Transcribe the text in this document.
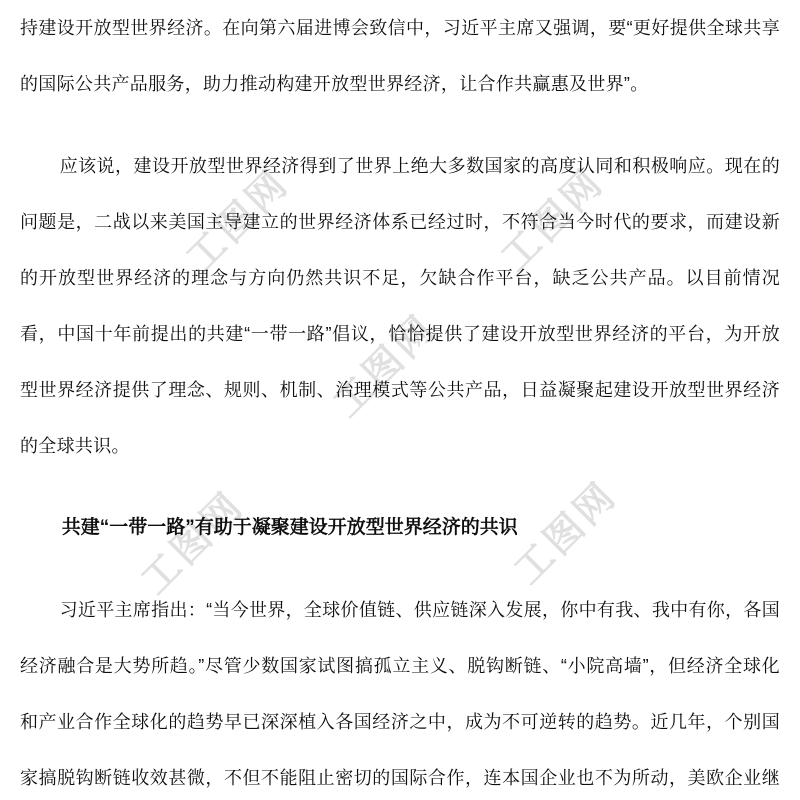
工图网	工图网
工图网
工图网	工图网

持建设开放型世界经济。在向第六届进博会致信中，习近平主席又强调，要“更好提供全球共享的国际公共产品服务，助力推动构建开放型世界经济，让合作共赢惠及世界”。

应该说，建设开放型世界经济得到了世界上绝大多数国家的高度认同和积极响应。现在的问题是，二战以来美国主导建立的世界经济体系已经过时，不符合当今时代的要求，而建设新的开放型世界经济的理念与方向仍然共识不足，欠缺合作平台，缺乏公共产品。以目前情况看，中国十年前提出的共建“一带一路”倡议，恰恰提供了建设开放型世界经济的平台，为开放型世界经济提供了理念、规则、机制、治理模式等公共产品，日益凝聚起建设开放型世界经济的全球共识。

共建“一带一路”有助于凝聚建设开放型世界经济的共识

习近平主席指出：“当今世界，全球价值链、供应链深入发展，你中有我、我中有你，各国经济融合是大势所趋。”尽管少数国家试图搞孤立主义、脱钩断链、“小院高墙”，但经济全球化和产业合作全球化的趋势早已深深植入各国经济之中，成为不可逆转的趋势。近几年，个别国家搞脱钩断链收效甚微，不但不能阻止密切的国际合作，连本国企业也不为所动，美欧企业继
